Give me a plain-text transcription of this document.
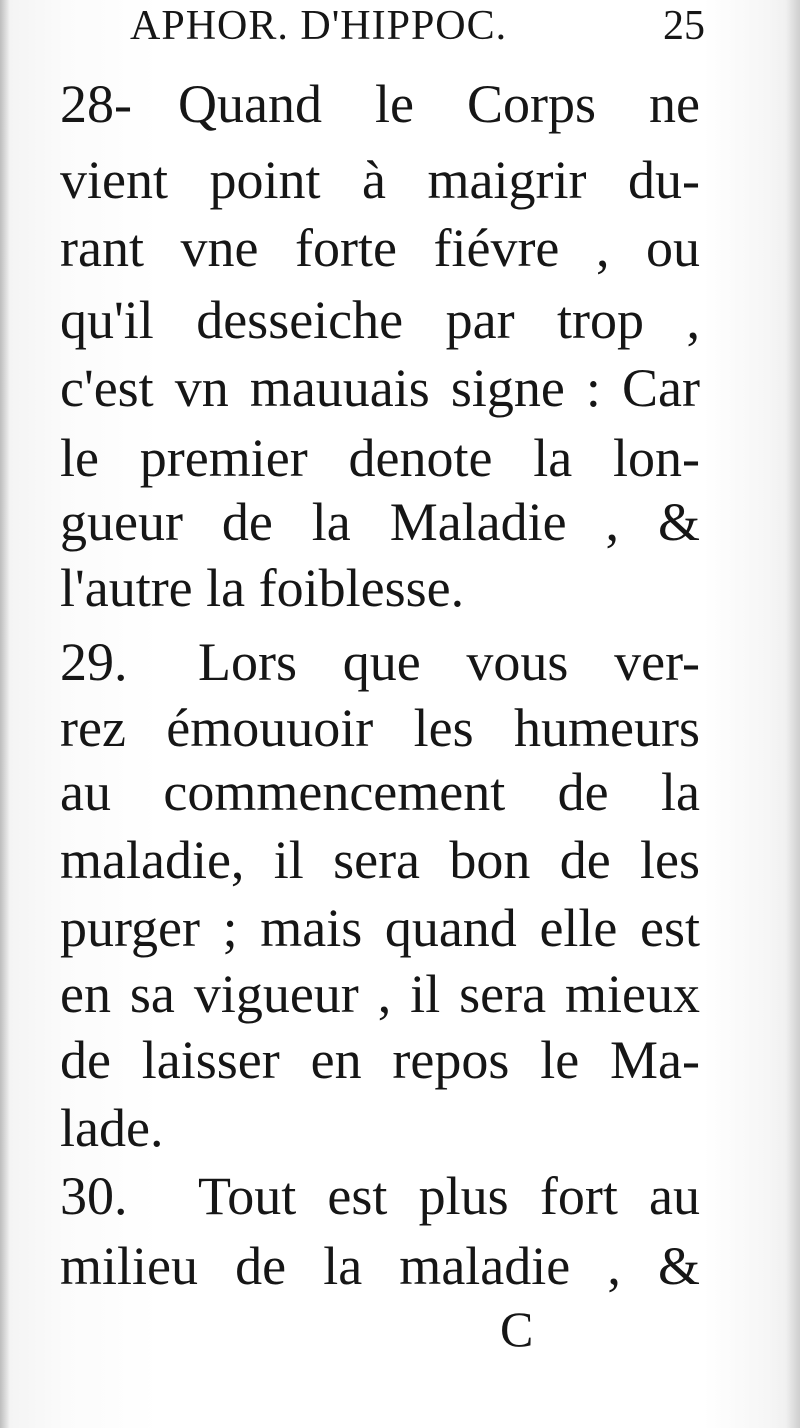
APHOR. D'HIPPOC.	25
28- Quand le Corps ne
vient point à maigrir du-
rant vne forte fiévre , ou
qu'il desseiche par trop ,
c'est vn mauuais signe : Car
le premier denote la lon-
gueur de la Maladie , &
l'autre la foiblesse.
29. Lors que vous ver-
rez émouuoir les humeurs
au commencement de la
maladie, il sera bon de les
purger ; mais quand elle est
en sa vigueur , il sera mieux
de laisser en repos le Ma-
lade.
30. Tout est plus fort au
milieu de la maladie , &
C
